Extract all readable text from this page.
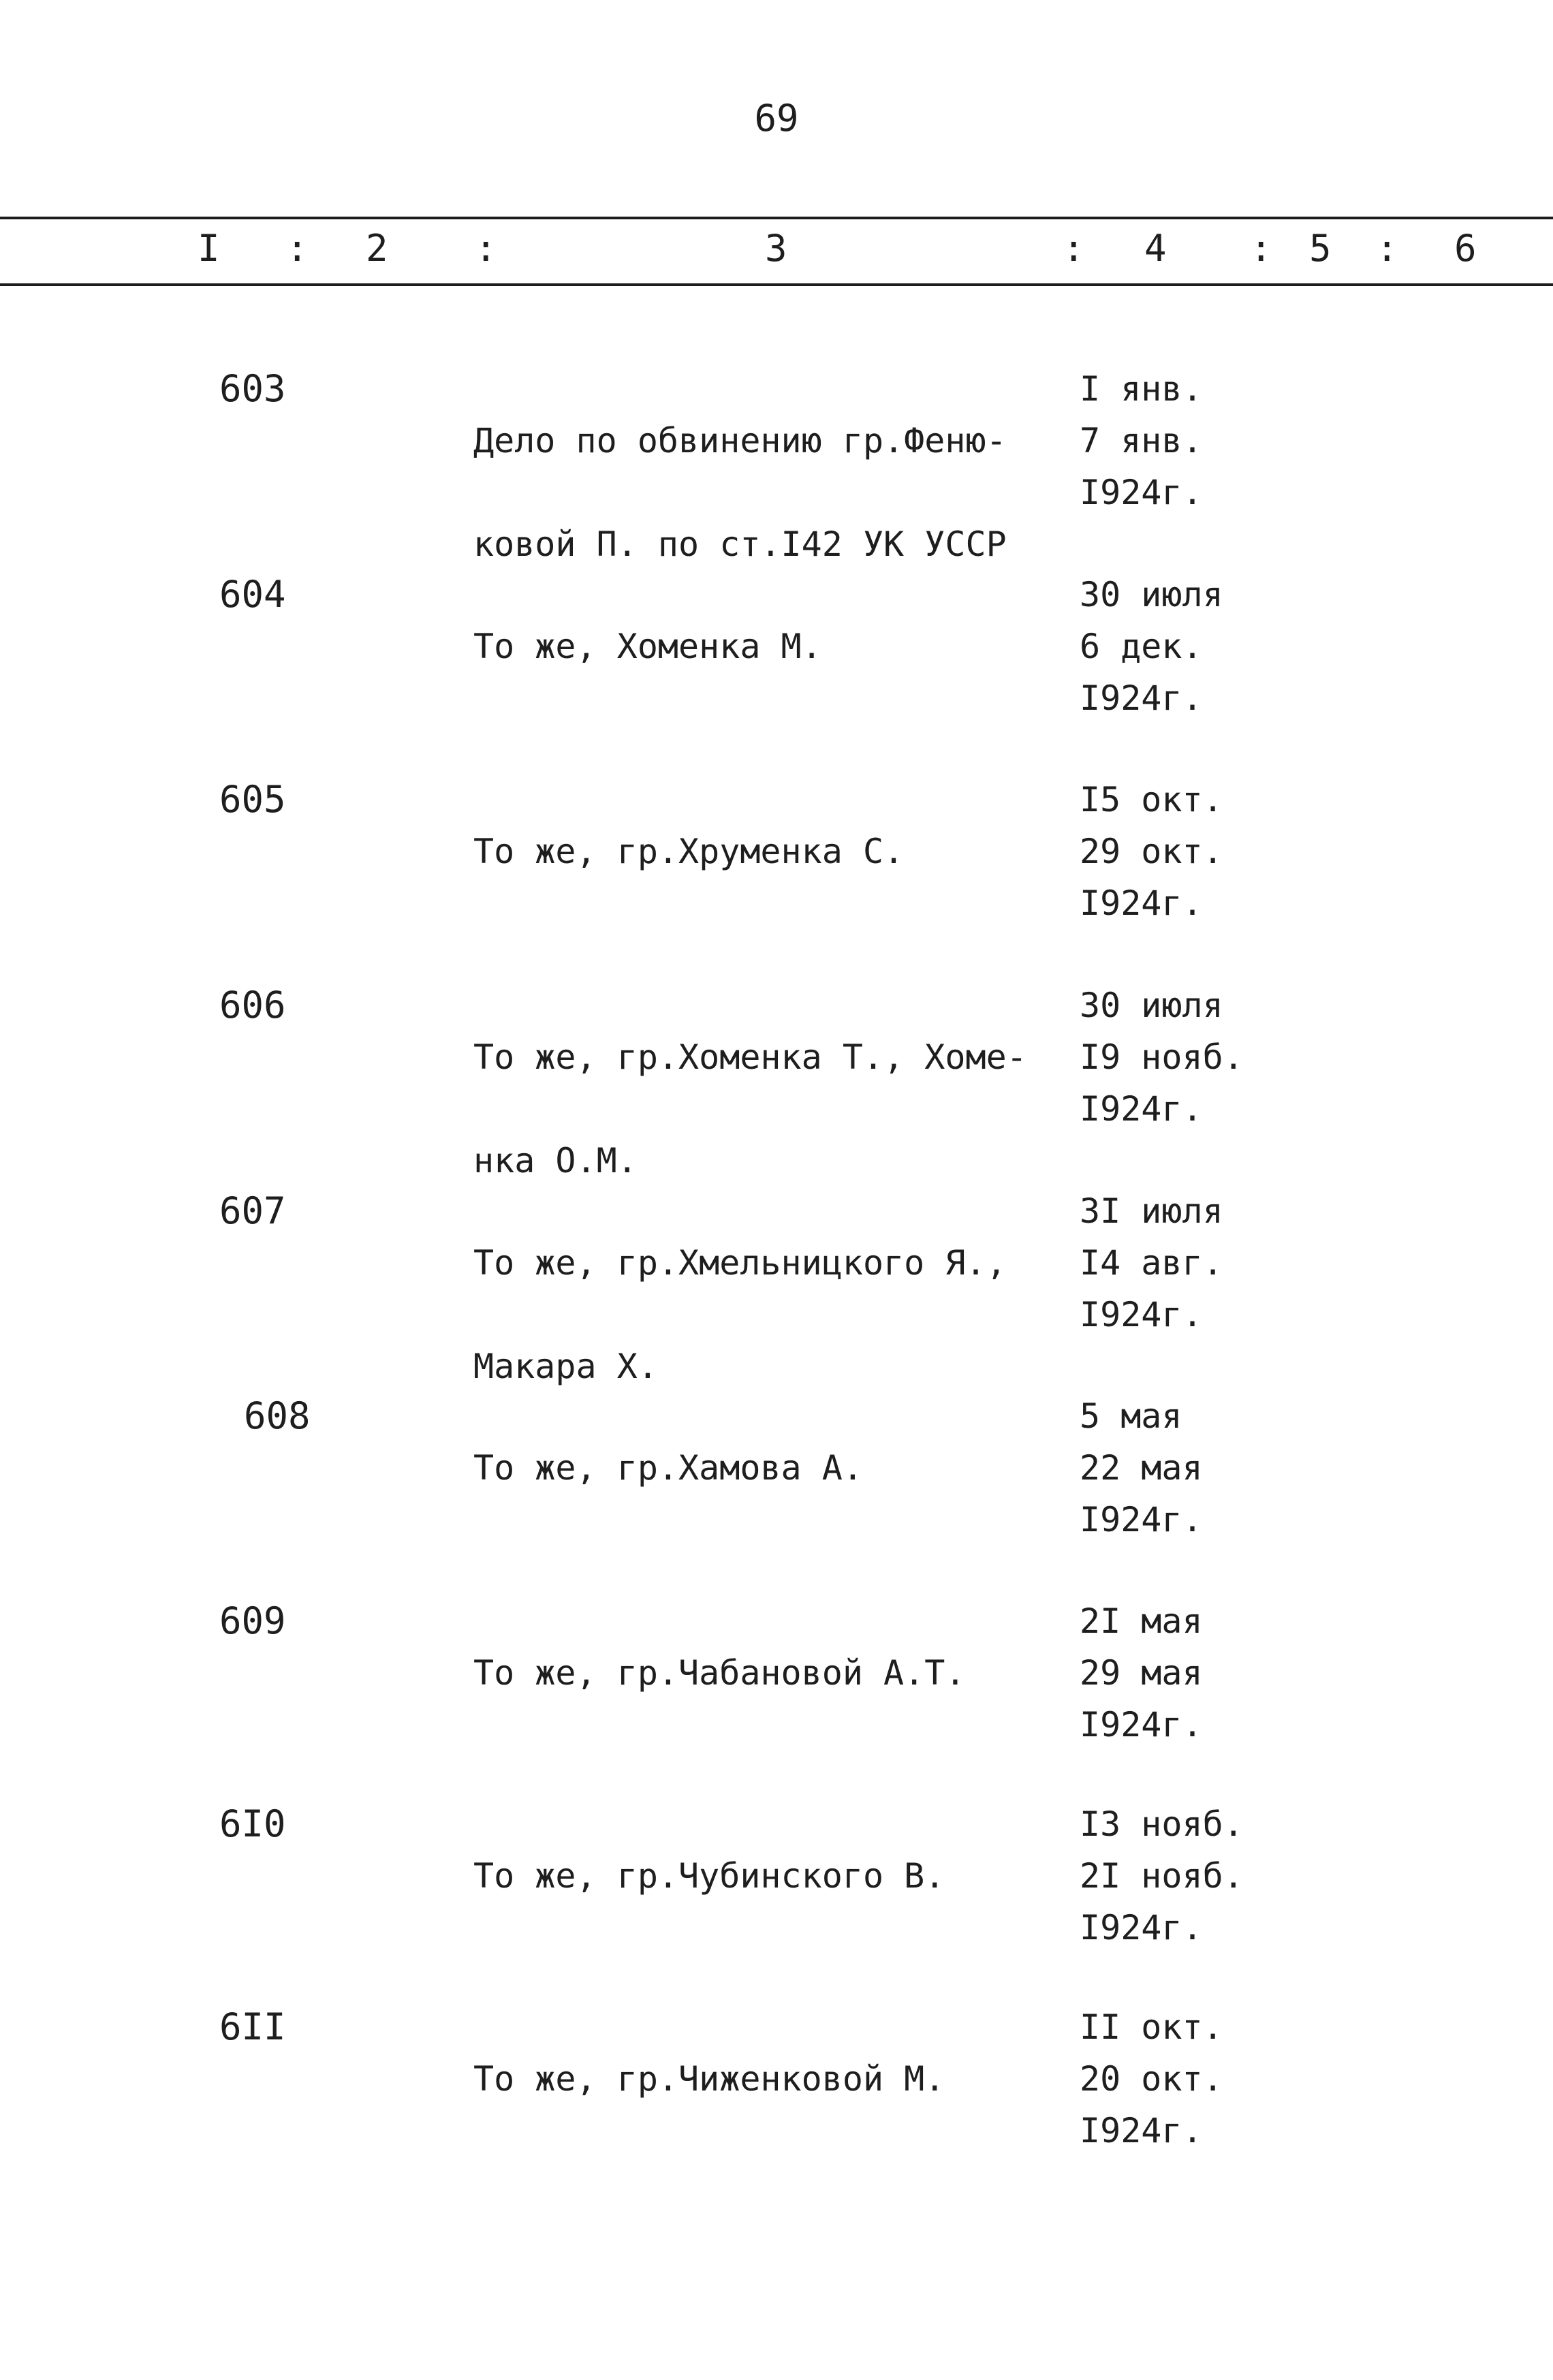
69
I : 2 :	3	: 4 : 5 : 6
603

Дело по обвинению гр.Феню-

ковой П. по ст.I42 УК УССР

I янв.
7 янв.
I924г.
604

То же, Хоменка М.

30 июля
6 дек.
I924г.
605

То же, гр.Хруменка С.

I5 окт.
29 окт.
I924г.
606

То же, гр.Хоменка Т., Хоме-

нка О.М.

30 июля
I9 нояб.
I924г.
607

То же, гр.Хмельницкого Я.,

Макара Х.

3I июля
I4 авг.
I924г.
608

То же, гр.Хамова А.

5 мая
22 мая
I924г.
609

То же, гр.Чабановой А.Т.

2I мая
29 мая
I924г.
6I0

То же, гр.Чубинского В.

I3 нояб.
2I нояб.
I924г.
6II

То же, гр.Чиженковой М.

II окт.
20 окт.
I924г.
